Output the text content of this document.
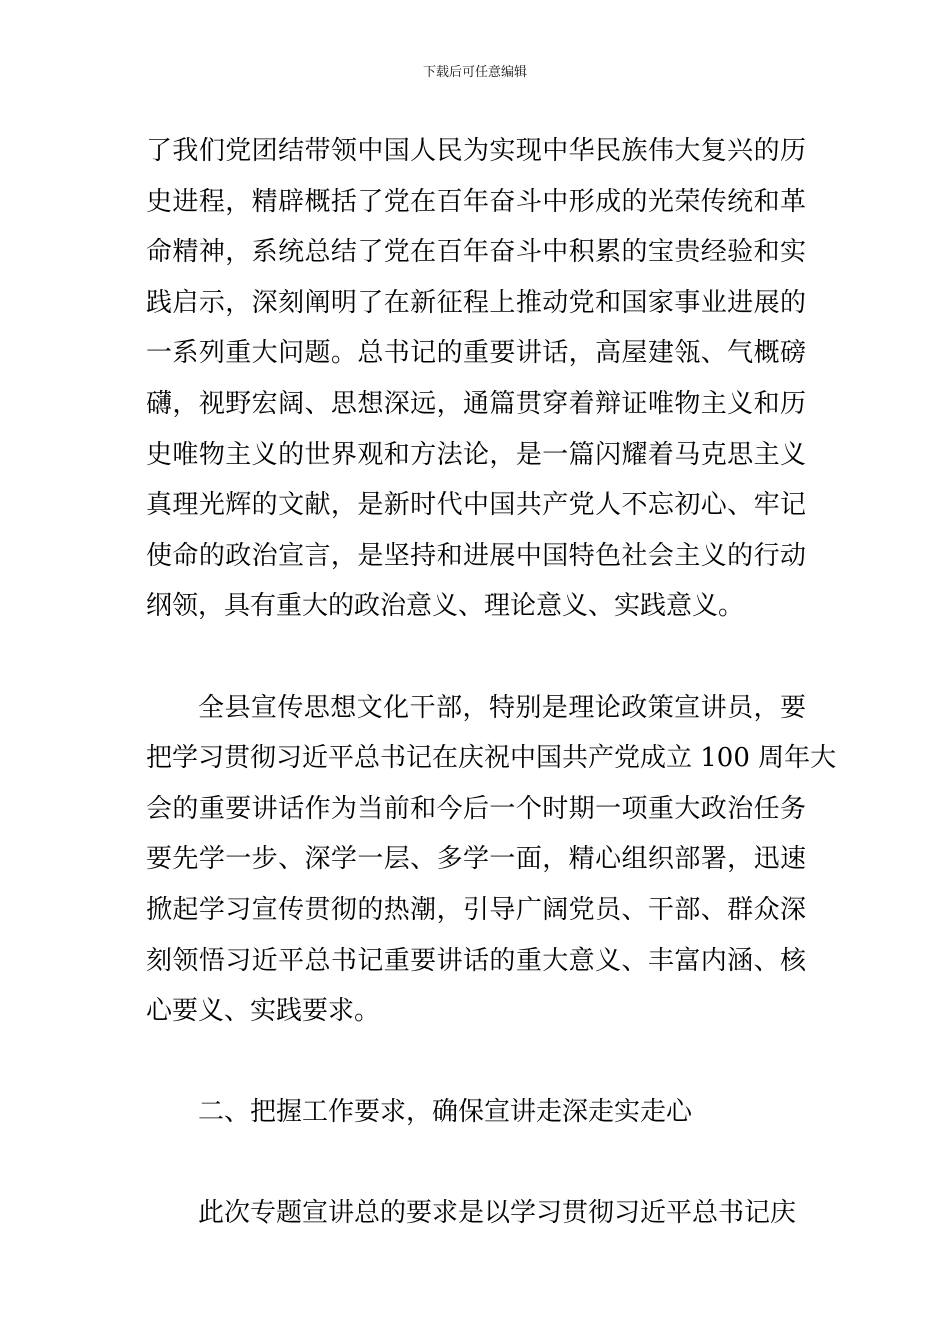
下载后可任意编辑
了我们党团结带领中国人民为实现中华民族伟大复兴的历
史进程，精辟概括了党在百年奋斗中形成的光荣传统和革
命精神，系统总结了党在百年奋斗中积累的宝贵经验和实
践启示，深刻阐明了在新征程上推动党和国家事业进展的
一系列重大问题。总书记的重要讲话，高屋建瓴、气概磅
礴，视野宏阔、思想深远，通篇贯穿着辩证唯物主义和历
史唯物主义的世界观和方法论，是一篇闪耀着马克思主义
真理光辉的文献，是新时代中国共产党人不忘初心、牢记
使命的政治宣言，是坚持和进展中国特色社会主义的行动
纲领，具有重大的政治意义、理论意义、实践意义。
全县宣传思想文化干部，特别是理论政策宣讲员，要
把学习贯彻习近平总书记在庆祝中国共产党成立 100 周年大
会的重要讲话作为当前和今后一个时期一项重大政治任务
要先学一步、深学一层、多学一面，精心组织部署，迅速
掀起学习宣传贯彻的热潮，引导广阔党员、干部、群众深
刻领悟习近平总书记重要讲话的重大意义、丰富内涵、核
心要义、实践要求。
二、把握工作要求，确保宣讲走深走实走心
此次专题宣讲总的要求是以学习贯彻习近平总书记庆
